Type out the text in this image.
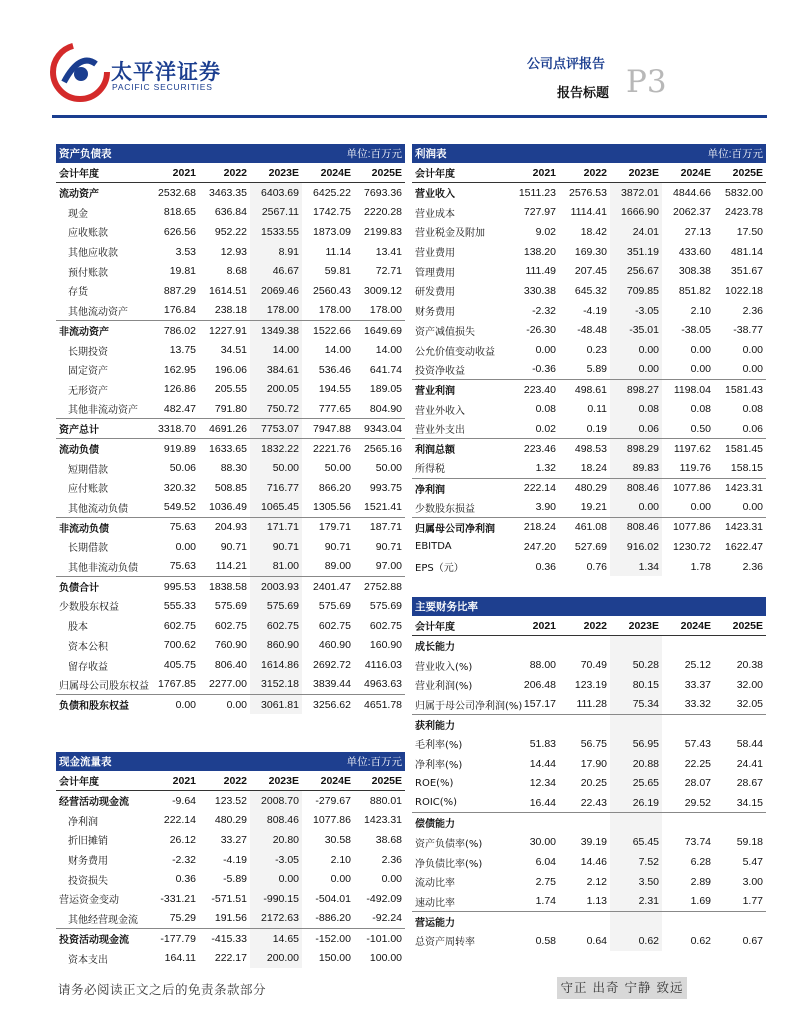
太平洋证券
PACIFIC SECURITIES
公司点评报告
报告标题 P3
资产负债表				单位:百万元	
会计年度	2021	2022	2023E	2024E	2025E
流动资产	2532.68	3463.35	6403.69	6425.22	7693.36
现金	818.65	636.84	2567.11	1742.75	2220.28
应收账款	626.56	952.22	1533.55	1873.09	2199.83
其他应收款	3.53	12.93	8.91	11.14	13.41
预付账款	19.81	8.68	46.67	59.81	72.71
存货	887.29	1614.51	2069.46	2560.43	3009.12
其他流动资产	176.84	238.18	178.00	178.00	178.00
非流动资产	786.02	1227.91	1349.38	1522.66	1649.69
长期投资	13.75	34.51	14.00	14.00	14.00
固定资产	162.95	196.06	384.61	536.46	641.74
无形资产	126.86	205.55	200.05	194.55	189.05
其他非流动资产	482.47	791.80	750.72	777.65	804.90
资产总计	3318.70	4691.26	7753.07	7947.88	9343.04
流动负债	919.89	1633.65	1832.22	2221.76	2565.16
短期借款	50.06	88.30	50.00	50.00	50.00
应付账款	320.32	508.85	716.77	866.20	993.75
其他流动负债	549.52	1036.49	1065.45	1305.56	1521.41
非流动负债	75.63	204.93	171.71	179.71	187.71
长期借款	0.00	90.71	90.71	90.71	90.71
其他非流动负债	75.63	114.21	81.00	89.00	97.00
负债合计	995.53	1838.58	2003.93	2401.47	2752.88
少数股东权益	555.33	575.69	575.69	575.69	575.69
股本	602.75	602.75	602.75	602.75	602.75
资本公积	700.62	760.90	860.90	460.90	160.90
留存收益	405.75	806.40	1614.86	2692.72	4116.03
归属母公司股东权益	1767.85	2277.00	3152.18	3839.44	4963.63
负债和股东权益	0.00	0.00	3061.81	3256.62	4651.78
利润表				单位:百万元	
会计年度	2021	2022	2023E	2024E	2025E
营业收入	1511.23	2576.53	3872.01	4844.66	5832.00
营业成本	727.97	1114.41	1666.90	2062.37	2423.78
营业税金及附加	9.02	18.42	24.01	27.13	17.50
营业费用	138.20	169.30	351.19	433.60	481.14
管理费用	111.49	207.45	256.67	308.38	351.67
研发费用	330.38	645.32	709.85	851.82	1022.18
财务费用	-2.32	-4.19	-3.05	2.10	2.36
资产减值损失	-26.30	-48.48	-35.01	-38.05	-38.77
公允价值变动收益	0.00	0.23	0.00	0.00	0.00
投资净收益	-0.36	5.89	0.00	0.00	0.00
营业利润	223.40	498.61	898.27	1198.04	1581.43
营业外收入	0.08	0.11	0.08	0.08	0.08
营业外支出	0.02	0.19	0.06	0.50	0.06
利润总额	223.46	498.53	898.29	1197.62	1581.45
所得税	1.32	18.24	89.83	119.76	158.15
净利润	222.14	480.29	808.46	1077.86	1423.31
少数股东损益	3.90	19.21	0.00	0.00	0.00
归属母公司净利润	218.24	461.08	808.46	1077.86	1423.31
EBITDA	247.20	527.69	916.02	1230.72	1622.47
EPS（元）	0.36	0.76	1.34	1.78	2.36
主要财务比率					
会计年度	2021	2022	2023E	2024E	2025E
成长能力					
营业收入(%)	88.00	70.49	50.28	25.12	20.38
营业利润(%)	206.48	123.19	80.15	33.37	32.00
归属于母公司净利润(%)	157.17	111.28	75.34	33.32	32.05
获利能力					
毛利率(%)	51.83	56.75	56.95	57.43	58.44
净利率(%)	14.44	17.90	20.88	22.25	24.41
ROE(%)	12.34	20.25	25.65	28.07	28.67
ROIC(%)	16.44	22.43	26.19	29.52	34.15
偿债能力					
资产负债率(%)	30.00	39.19	65.45	73.74	59.18
净负债比率(%)	6.04	14.46	7.52	6.28	5.47
流动比率	2.75	2.12	3.50	2.89	3.00
速动比率	1.74	1.13	2.31	1.69	1.77
营运能力					
总资产周转率	0.58	0.64	0.62	0.62	0.67
现金流量表				单位:百万元	
会计年度	2021	2022	2023E	2024E	2025E
经营活动现金流	-9.64	123.52	2008.70	-279.67	880.01
净利润	222.14	480.29	808.46	1077.86	1423.31
折旧摊销	26.12	33.27	20.80	30.58	38.68
财务费用	-2.32	-4.19	-3.05	2.10	2.36
投资损失	0.36	-5.89	0.00	0.00	0.00
营运资金变动	-331.21	-571.51	-990.15	-504.01	-492.09
其他经营现金流	75.29	191.56	2172.63	-886.20	-92.24
投资活动现金流	-177.79	-415.33	14.65	-152.00	-101.00
资本支出	164.11	222.17	200.00	150.00	100.00
请务必阅读正文之后的免责条款部分	守正 出奇 宁静 致远
